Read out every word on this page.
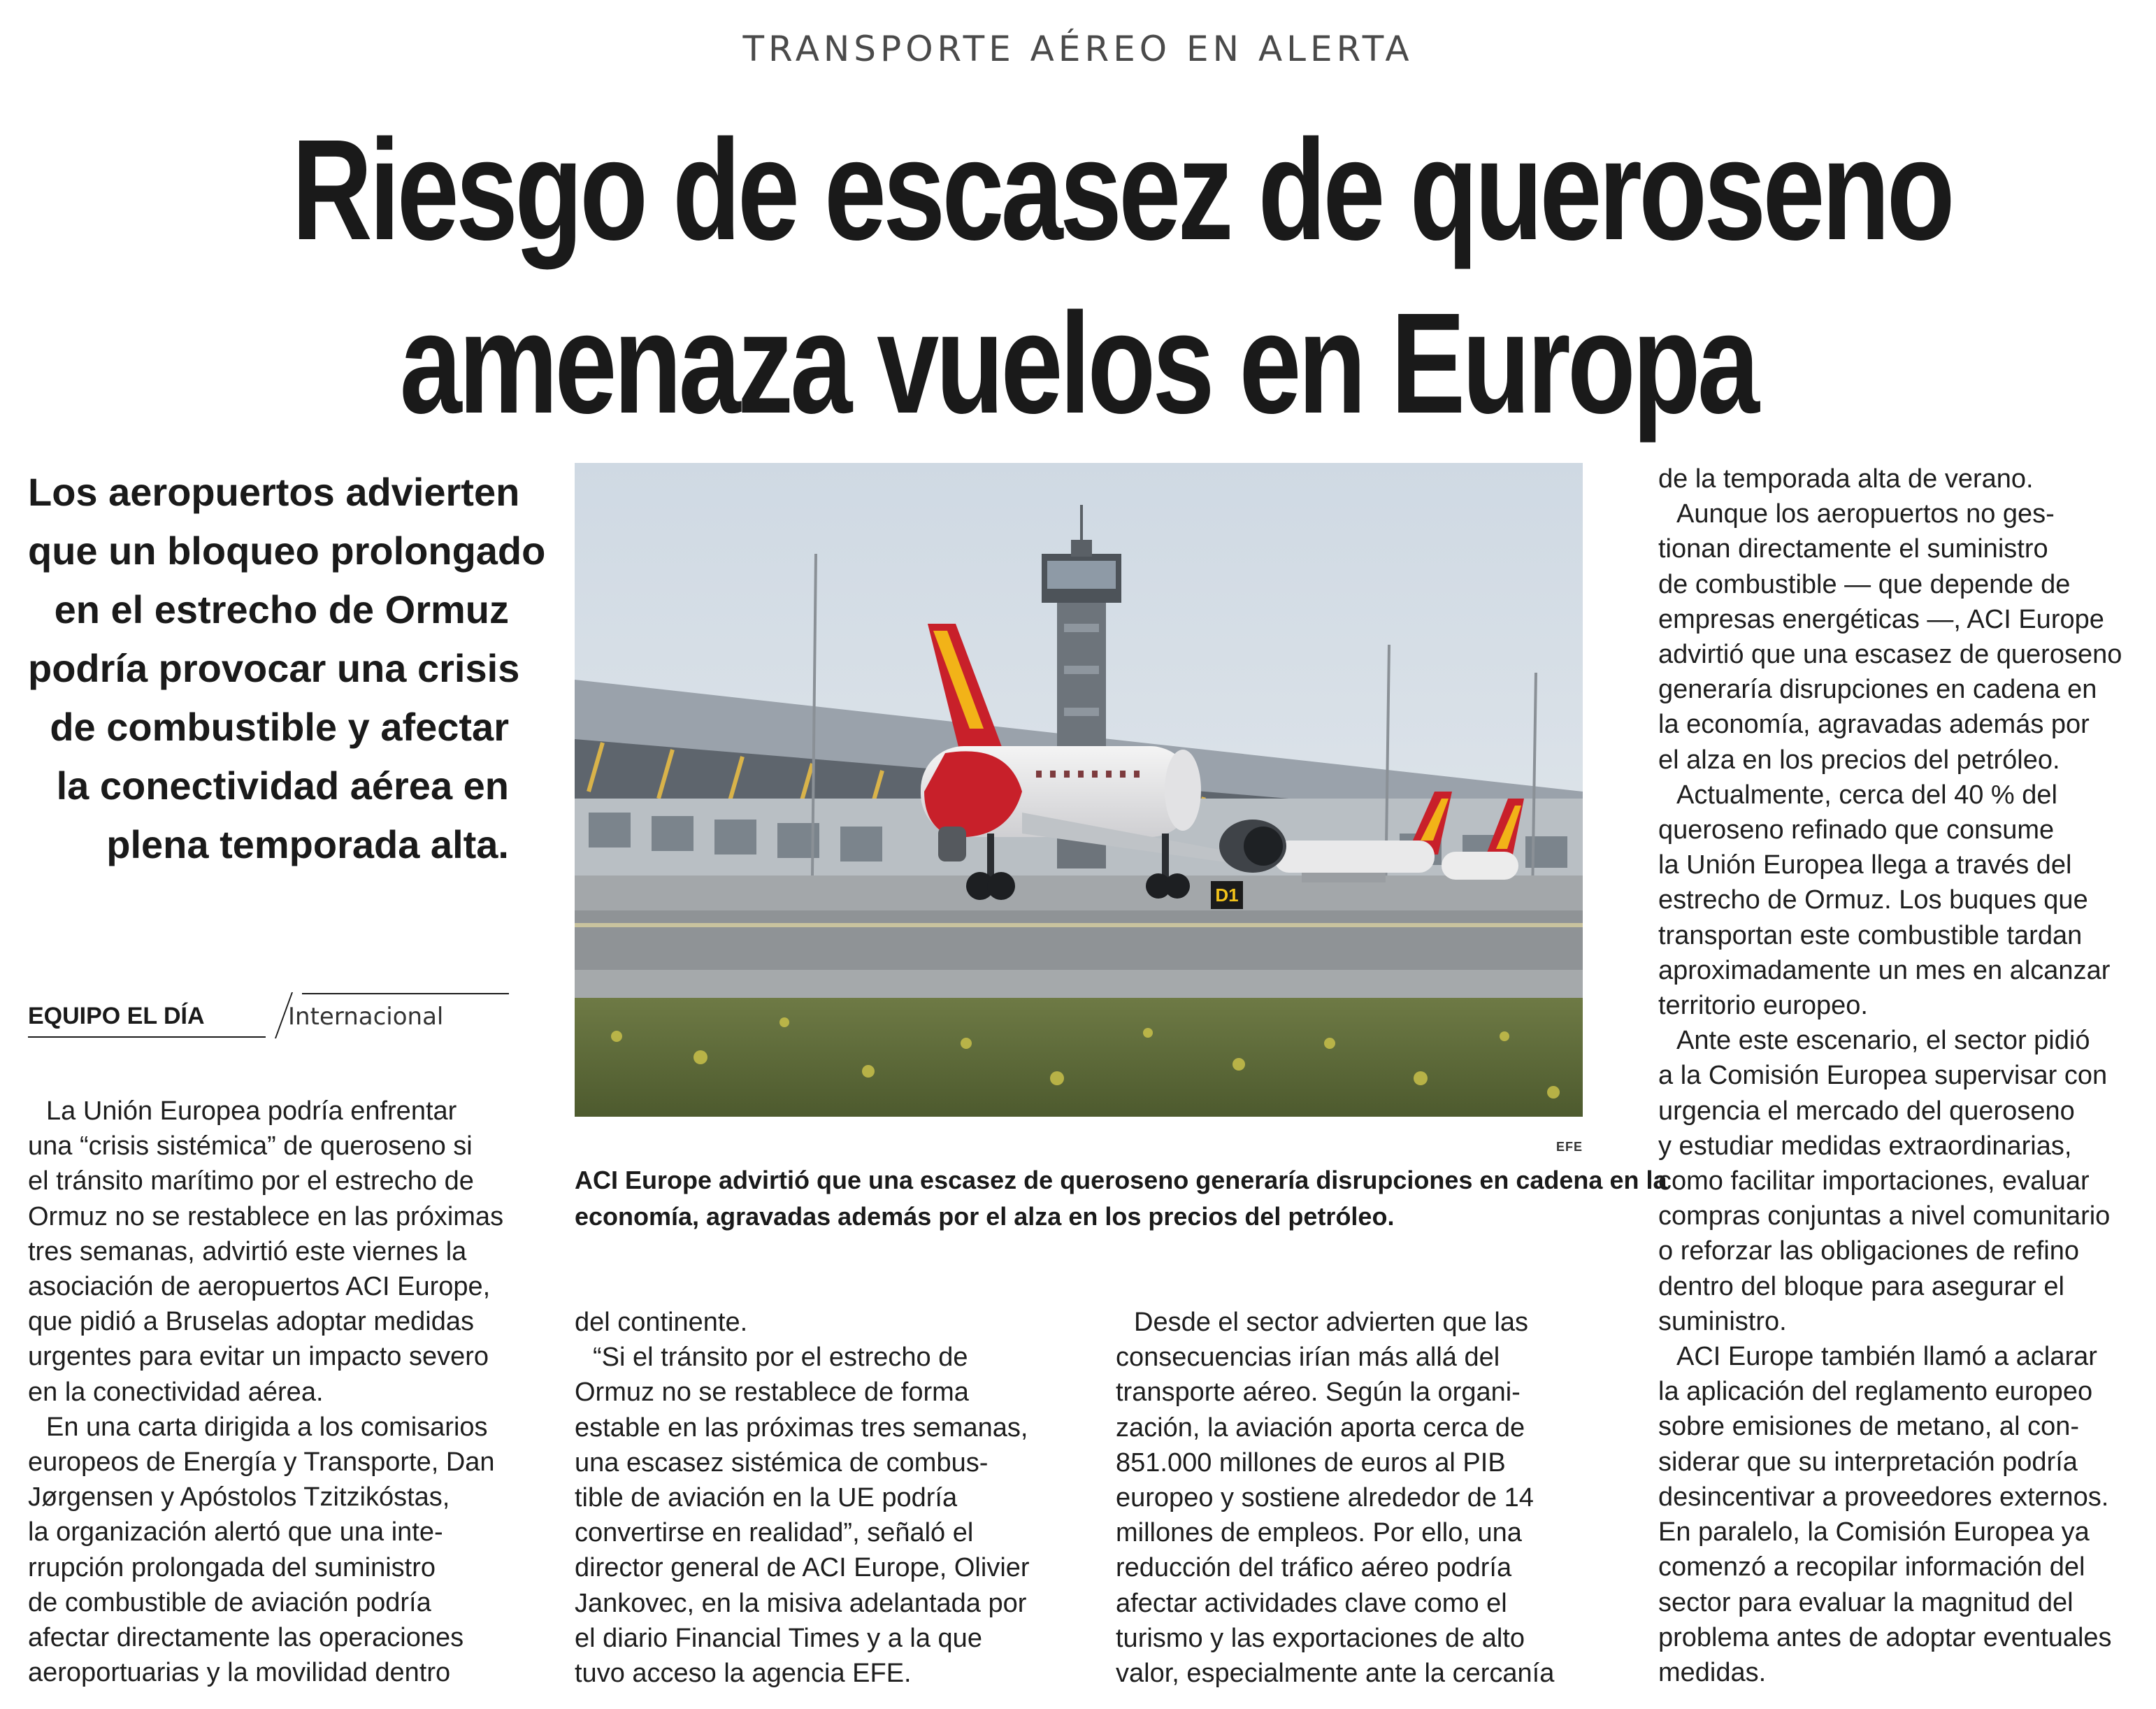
TRANSPORTE AÉREO EN ALERTA
Riesgo de escasez de queroseno
amenaza vuelos en Europa
Los aeropuertos advierten
que un bloqueo prolongado
en el estrecho de Ormuz
podría provocar una crisis
de combustible y afectar
la conectividad aérea en
plena temporada alta.
EQUIPO EL DÍA	Internacional
D1
EFE
ACI Europe advirtió que una escasez de queroseno generaría disrupciones en cadena en la
economía, agravadas además por el alza en los precios del petróleo.
La Unión Europea podría enfrentar
una “crisis sistémica” de queroseno si
el tránsito marítimo por el estrecho de
Ormuz no se restablece en las próximas
tres semanas, advirtió este viernes la
asociación de aeropuertos ACI Europe,
que pidió a Bruselas adoptar medidas
urgentes para evitar un impacto severo
en la conectividad aérea.
En una carta dirigida a los comisarios
europeos de Energía y Transporte, Dan
Jørgensen y Apóstolos Tzitzikóstas,
la organización alertó que una inte-
rrupción prolongada del suministro
de combustible de aviación podría
afectar directamente las operaciones
aeroportuarias y la movilidad dentro
del continente.
“Si el tránsito por el estrecho de
Ormuz no se restablece de forma
estable en las próximas tres semanas,
una escasez sistémica de combus-
tible de aviación en la UE podría
convertirse en realidad”, señaló el
director general de ACI Europe, Olivier
Jankovec, en la misiva adelantada por
el diario Financial Times y a la que
tuvo acceso la agencia EFE.
Desde el sector advierten que las
consecuencias irían más allá del
transporte aéreo. Según la organi-
zación, la aviación aporta cerca de
851.000 millones de euros al PIB
europeo y sostiene alrededor de 14
millones de empleos. Por ello, una
reducción del tráfico aéreo podría
afectar actividades clave como el
turismo y las exportaciones de alto
valor, especialmente ante la cercanía
de la temporada alta de verano.
Aunque los aeropuertos no ges-
tionan directamente el suministro
de combustible — que depende de
empresas energéticas —, ACI Europe
advirtió que una escasez de queroseno
generaría disrupciones en cadena en
la economía, agravadas además por
el alza en los precios del petróleo.
Actualmente, cerca del 40 % del
queroseno refinado que consume
la Unión Europea llega a través del
estrecho de Ormuz. Los buques que
transportan este combustible tardan
aproximadamente un mes en alcanzar
territorio europeo.
Ante este escenario, el sector pidió
a la Comisión Europea supervisar con
urgencia el mercado del queroseno
y estudiar medidas extraordinarias,
como facilitar importaciones, evaluar
compras conjuntas a nivel comunitario
o reforzar las obligaciones de refino
dentro del bloque para asegurar el
suministro.
ACI Europe también llamó a aclarar
la aplicación del reglamento europeo
sobre emisiones de metano, al con-
siderar que su interpretación podría
desincentivar a proveedores externos.
En paralelo, la Comisión Europea ya
comenzó a recopilar información del
sector para evaluar la magnitud del
problema antes de adoptar eventuales
medidas.
